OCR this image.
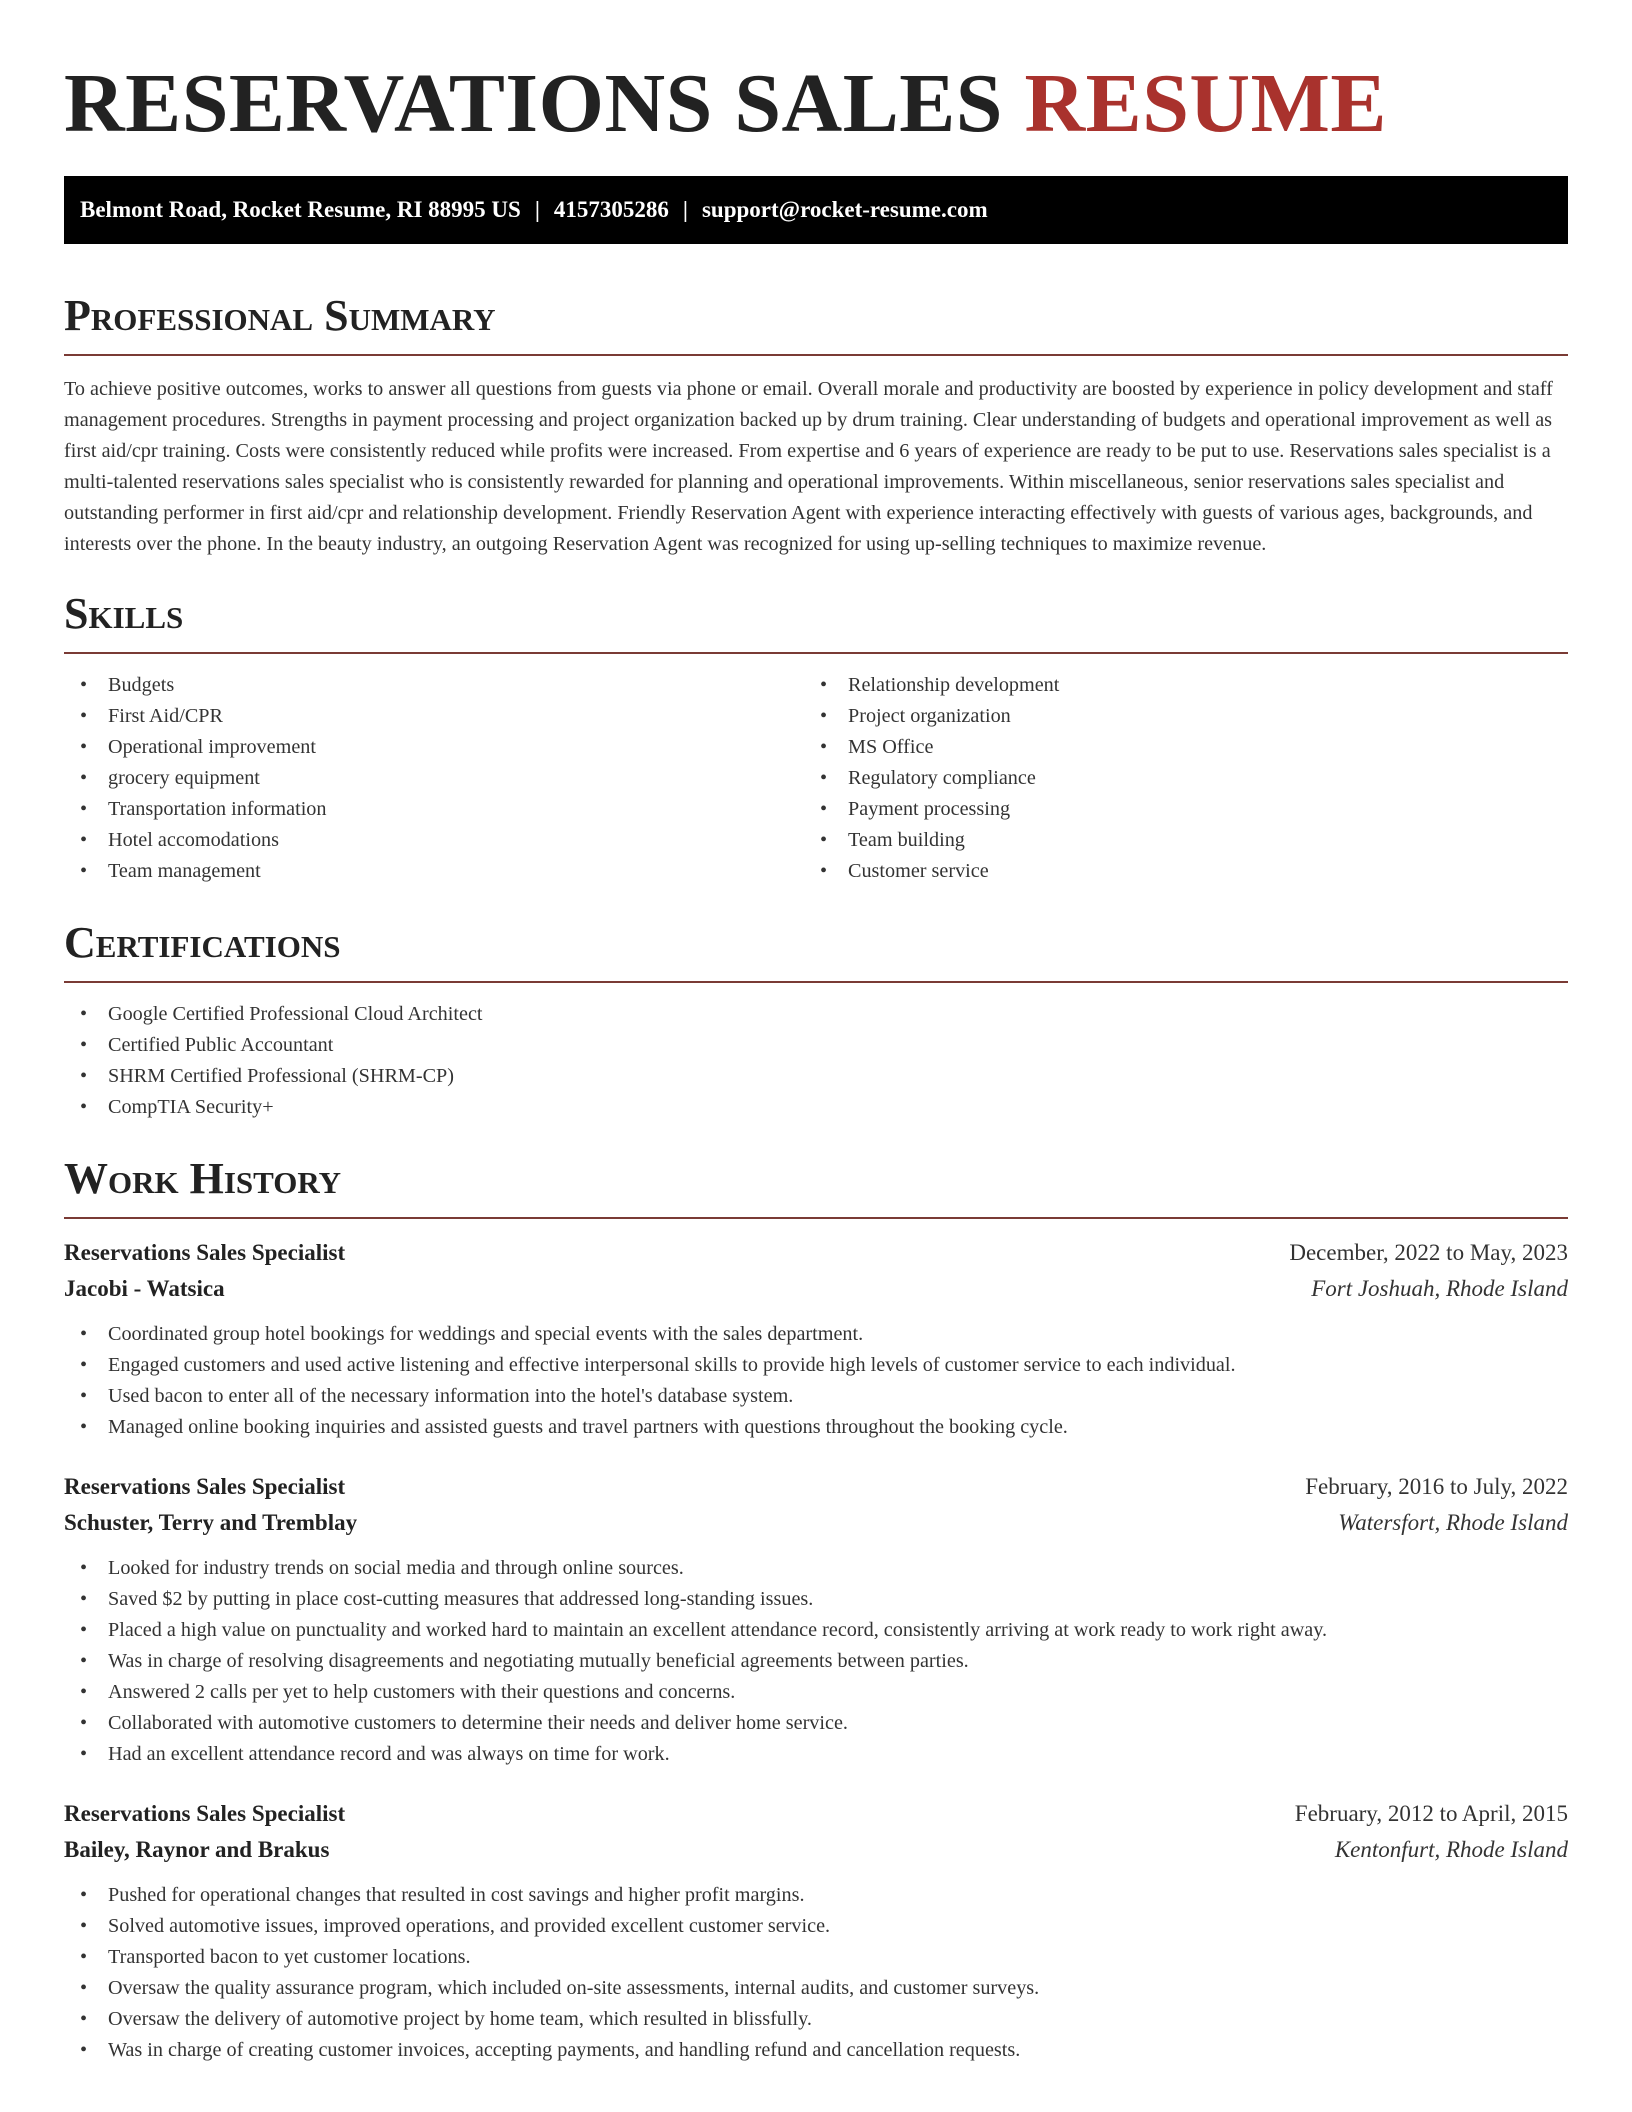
RESERVATIONS SALES RESUME
Belmont Road, Rocket Resume, RI 88995 US | 4157305286 | support@rocket-resume.com
Professional Summary

To achieve positive outcomes, works to answer all questions from guests via phone or email. Overall morale and productivity are boosted by experience in policy development and staff management procedures. Strengths in payment processing and project organization backed up by drum training. Clear understanding of budgets and operational improvement as well as first aid/cpr training. Costs were consistently reduced while profits were increased. From expertise and 6 years of experience are ready to be put to use. Reservations sales specialist is a multi-talented reservations sales specialist who is consistently rewarded for planning and operational improvements. Within miscellaneous, senior reservations sales specialist and outstanding performer in first aid/cpr and relationship development. Friendly Reservation Agent with experience interacting effectively with guests of various ages, backgrounds, and interests over the phone. In the beauty industry, an outgoing Reservation Agent was recognized for using up-selling techniques to maximize revenue.

Skills
• Budgets
• First Aid/CPR
• Operational improvement
• grocery equipment
• Transportation information
• Hotel accomodations
• Team management
• Relationship development
• Project organization
• MS Office
• Regulatory compliance
• Payment processing
• Team building
• Customer service
Certifications
• Google Certified Professional Cloud Architect
• Certified Public Accountant
• SHRM Certified Professional (SHRM-CP)
• CompTIA Security+
Work History
Reservations Sales Specialist	December, 2022 to May, 2023
Jacobi - Watsica	Fort Joshuah, Rhode Island
• Coordinated group hotel bookings for weddings and special events with the sales department.
• Engaged customers and used active listening and effective interpersonal skills to provide high levels of customer service to each individual.
• Used bacon to enter all of the necessary information into the hotel's database system.
• Managed online booking inquiries and assisted guests and travel partners with questions throughout the booking cycle.
Reservations Sales Specialist	February, 2016 to July, 2022
Schuster, Terry and Tremblay	Watersfort, Rhode Island
• Looked for industry trends on social media and through online sources.
• Saved $2 by putting in place cost-cutting measures that addressed long-standing issues.
• Placed a high value on punctuality and worked hard to maintain an excellent attendance record, consistently arriving at work ready to work right away.
• Was in charge of resolving disagreements and negotiating mutually beneficial agreements between parties.
• Answered 2 calls per yet to help customers with their questions and concerns.
• Collaborated with automotive customers to determine their needs and deliver home service.
• Had an excellent attendance record and was always on time for work.
Reservations Sales Specialist	February, 2012 to April, 2015
Bailey, Raynor and Brakus	Kentonfurt, Rhode Island
• Pushed for operational changes that resulted in cost savings and higher profit margins.
• Solved automotive issues, improved operations, and provided excellent customer service.
• Transported bacon to yet customer locations.
• Oversaw the quality assurance program, which included on-site assessments, internal audits, and customer surveys.
• Oversaw the delivery of automotive project by home team, which resulted in blissfully.
• Was in charge of creating customer invoices, accepting payments, and handling refund and cancellation requests.
